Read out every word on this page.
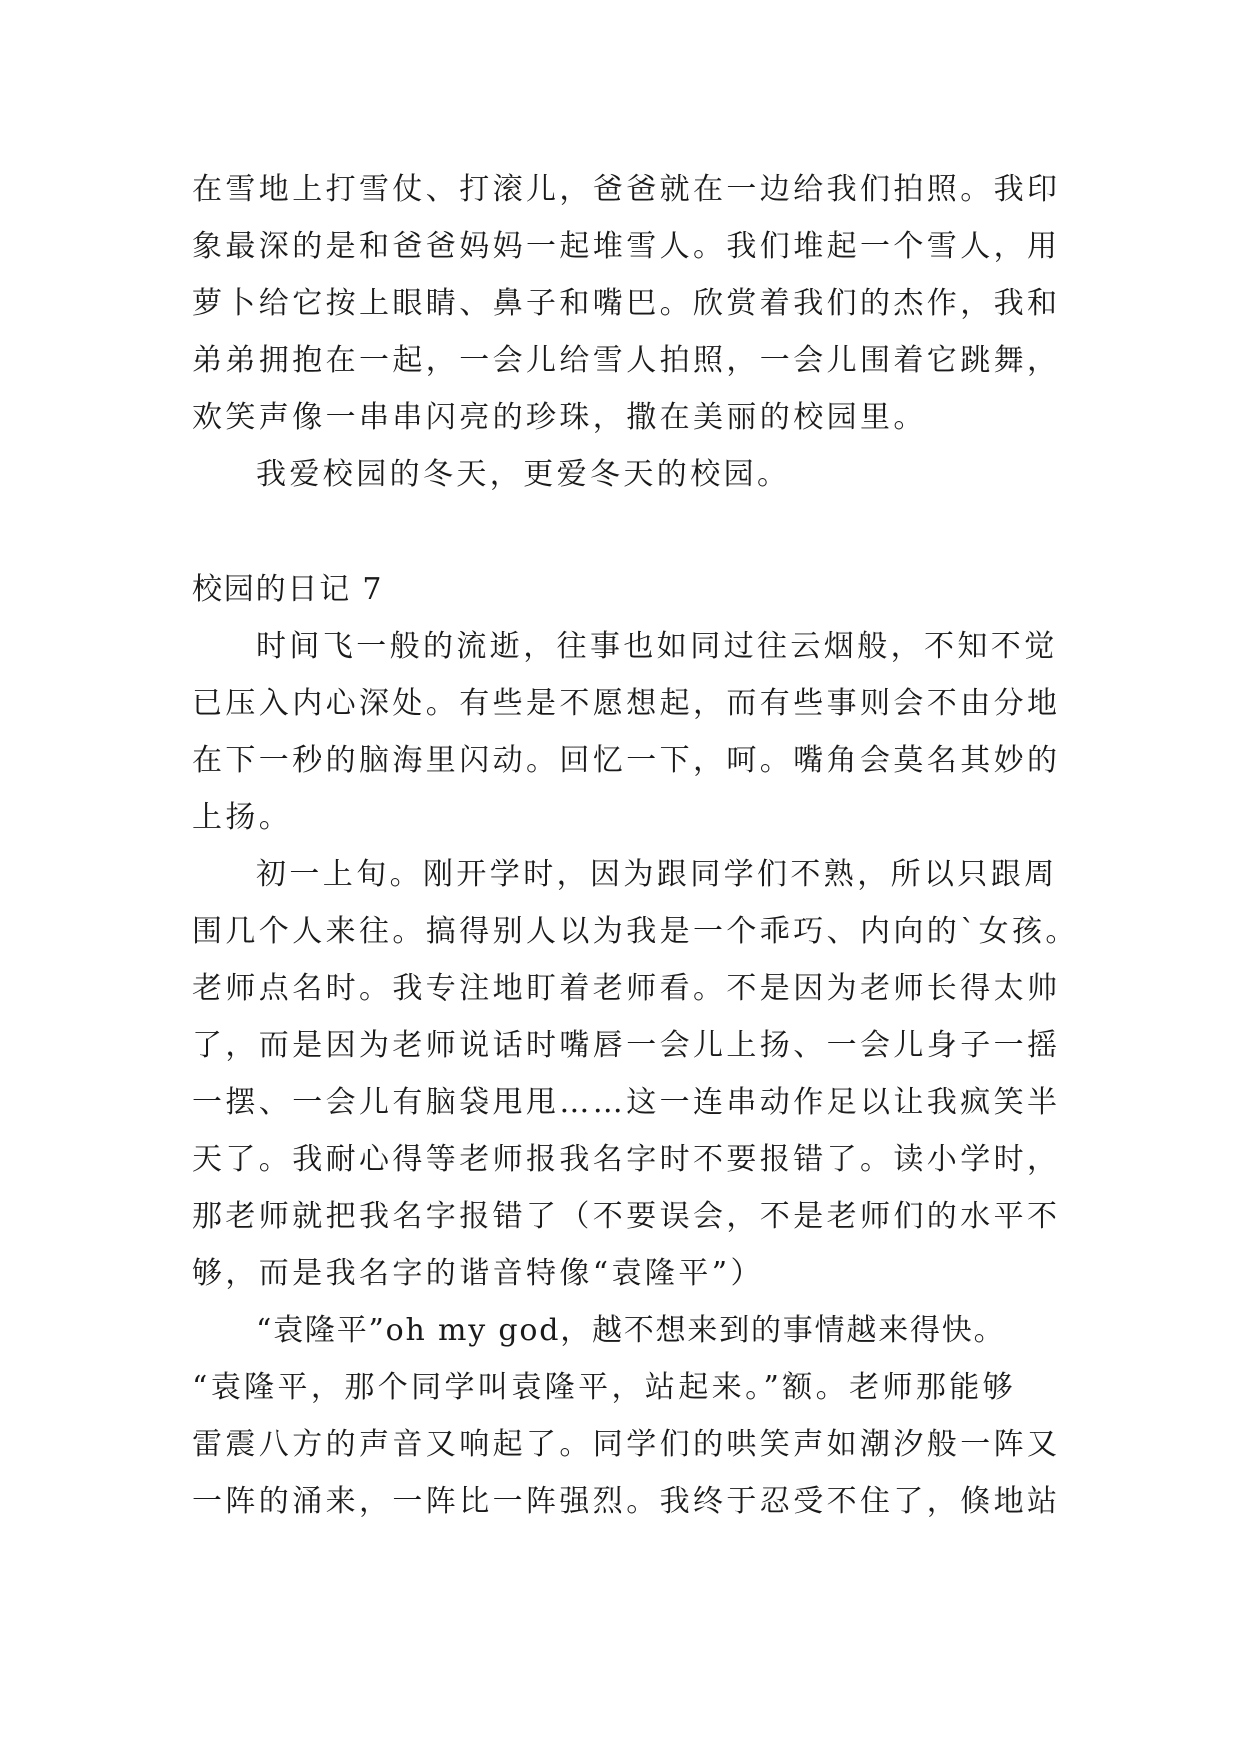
在雪地上打雪仗、打滚儿，爸爸就在一边给我们拍照。我印
象最深的是和爸爸妈妈一起堆雪人。我们堆起一个雪人，用
萝卜给它按上眼睛、鼻子和嘴巴。欣赏着我们的杰作，我和
弟弟拥抱在一起，一会儿给雪人拍照，一会儿围着它跳舞，
欢笑声像一串串闪亮的珍珠，撒在美丽的校园里。
我爱校园的冬天，更爱冬天的校园。
校园的日记 7
时间飞一般的流逝，往事也如同过往云烟般，不知不觉
已压入内心深处。有些是不愿想起，而有些事则会不由分地
在下一秒的脑海里闪动。回忆一下，呵。嘴角会莫名其妙的
上扬。
初一上旬。刚开学时，因为跟同学们不熟，所以只跟周
围几个人来往。搞得别人以为我是一个乖巧、内向的`女孩。
老师点名时。我专注地盯着老师看。不是因为老师长得太帅
了，而是因为老师说话时嘴唇一会儿上扬、一会儿身子一摇
一摆、一会儿有脑袋甩甩……这一连串动作足以让我疯笑半
天了。我耐心得等老师报我名字时不要报错了。读小学时，
那老师就把我名字报错了（不要误会，不是老师们的水平不
够，而是我名字的谐音特像“袁隆平”）
“袁隆平”oh my god，越不想来到的事情越来得快。
“袁隆平，那个同学叫袁隆平，站起来。”额。老师那能够
雷震八方的声音又响起了。同学们的哄笑声如潮汐般一阵又
一阵的涌来，一阵比一阵强烈。我终于忍受不住了，倏地站
